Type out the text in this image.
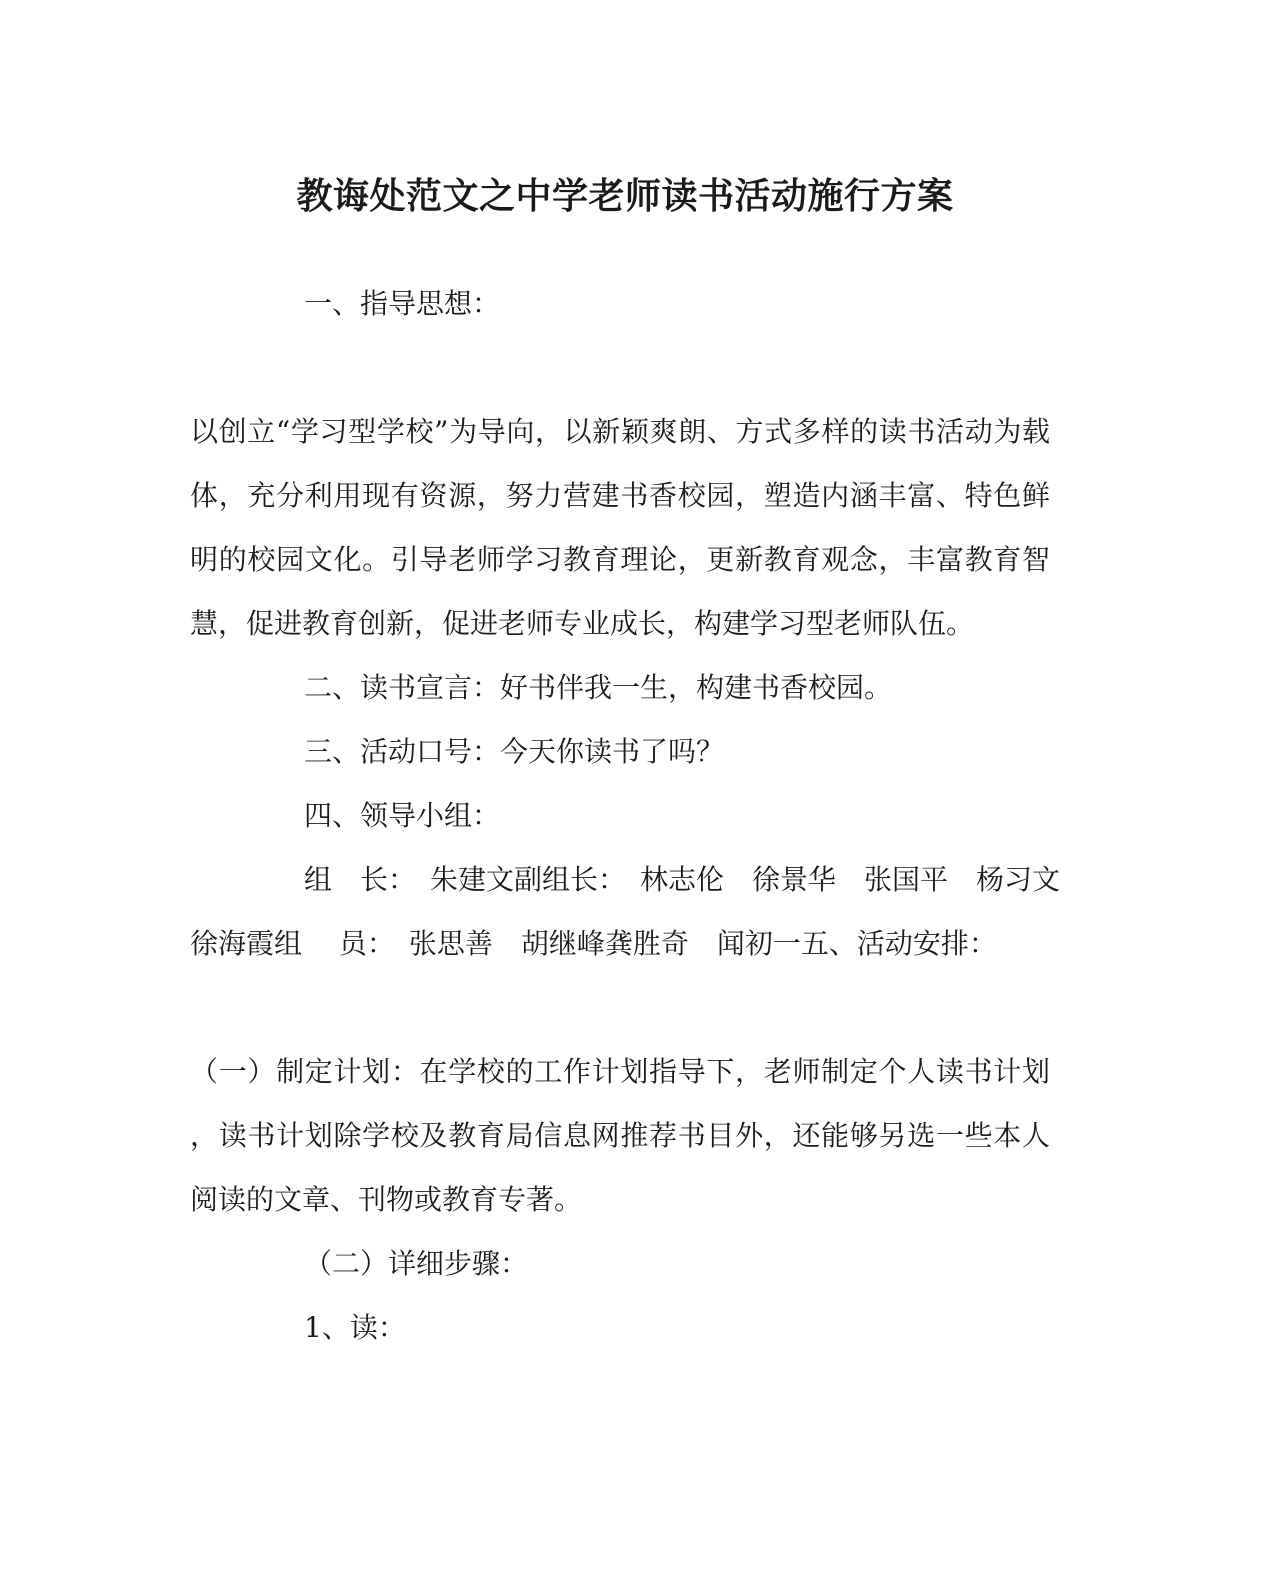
教诲处范文之中学老师读书活动施行方案
一、指导思想：
以创立“学习型学校”为导向，以新颖爽朗、方式多样的读书活动为载
体，充分利用现有资源，努力营建书香校园，塑造内涵丰富、特色鲜
明的校园文化。引导老师学习教育理论，更新教育观念，丰富教育智
慧，促进教育创新，促进老师专业成长，构建学习型老师队伍。
二、读书宣言：好书伴我一生，构建书香校园。
三、活动口号：今天你读书了吗？
四、领导小组：
组　长：　朱建文副组长：　林志伦　徐景华　张国平　杨习文
徐海霞组　 员：　张思善　胡继峰龚胜奇　闻初一五、活动安排：
（一）制定计划：在学校的工作计划指导下，老师制定个人读书计划
，读书计划除学校及教育局信息网推荐书目外，还能够另选一些本人
阅读的文章、刊物或教育专著。
（二）详细步骤：
1、读：
